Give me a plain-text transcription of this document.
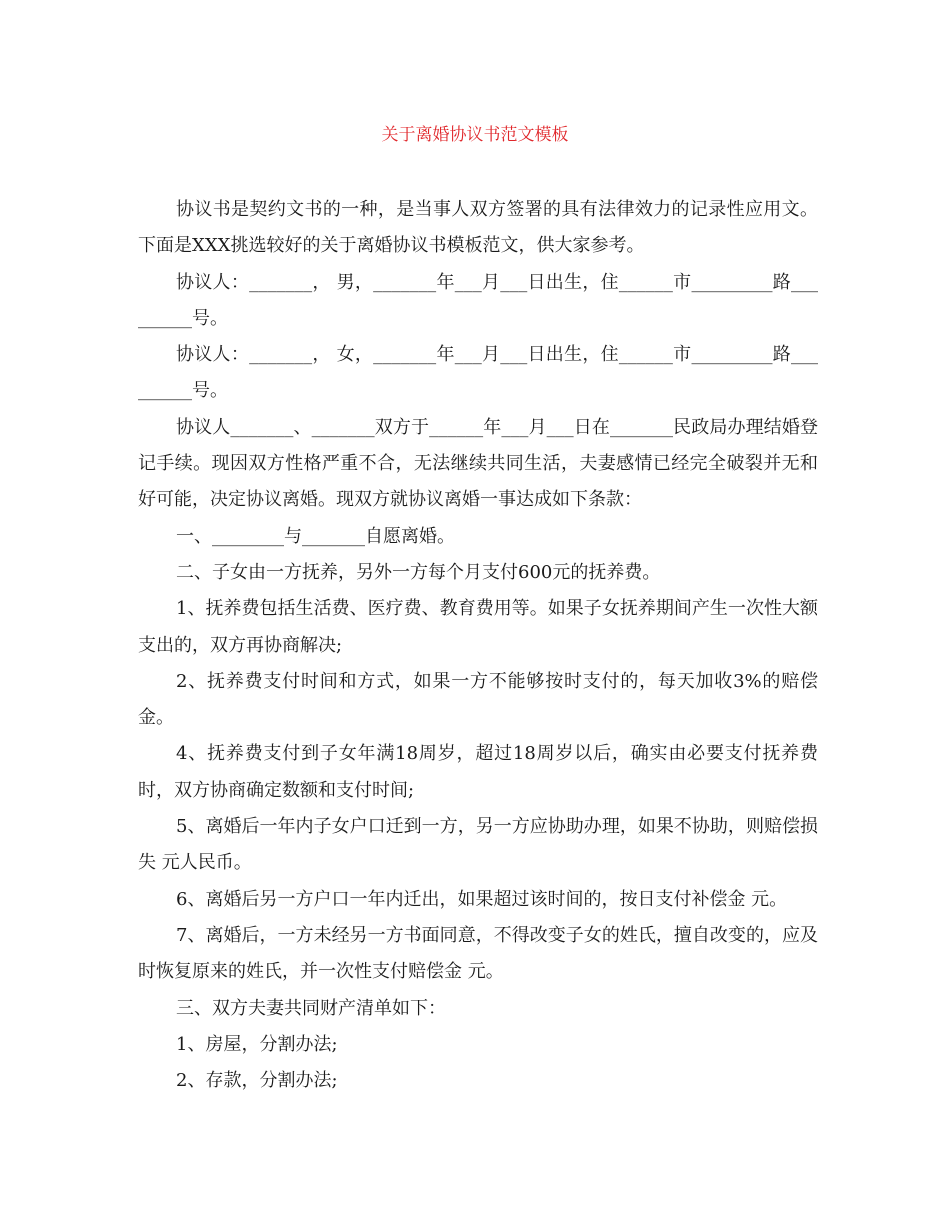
关于离婚协议书范文模板

协议书是契约文书的一种，是当事人双方签署的具有法律效力的记录性应用文。下面是XXX挑选较好的关于离婚协议书模板范文，供大家参考。

协议人：_______， 男，_______年___月___日出生，住______市_________路_________号。

协议人：_______， 女，_______年___月___日出生，住______市_________路_________号。

协议人_______、_______双方于______年___月___日在_______民政局办理结婚登记手续。现因双方性格严重不合，无法继续共同生活，夫妻感情已经完全破裂并无和好可能，决定协议离婚。现双方就协议离婚一事达成如下条款：

一、________与_______自愿离婚。

二、子女由一方抚养，另外一方每个月支付600元的抚养费。

1、抚养费包括生活费、医疗费、教育费用等。如果子女抚养期间产生一次性大额支出的，双方再协商解决;

2、抚养费支付时间和方式，如果一方不能够按时支付的，每天加收3%的赔偿金。

4、抚养费支付到子女年满18周岁，超过18周岁以后，确实由必要支付抚养费时，双方协商确定数额和支付时间;

5、离婚后一年内子女户口迁到一方，另一方应协助办理，如果不协助，则赔偿损失 元人民币。

6、离婚后另一方户口一年内迁出，如果超过该时间的，按日支付补偿金 元。

7、离婚后，一方未经另一方书面同意，不得改变子女的姓氏，擅自改变的，应及时恢复原来的姓氏，并一次性支付赔偿金 元。

三、双方夫妻共同财产清单如下：

1、房屋，分割办法;

2、存款，分割办法;
